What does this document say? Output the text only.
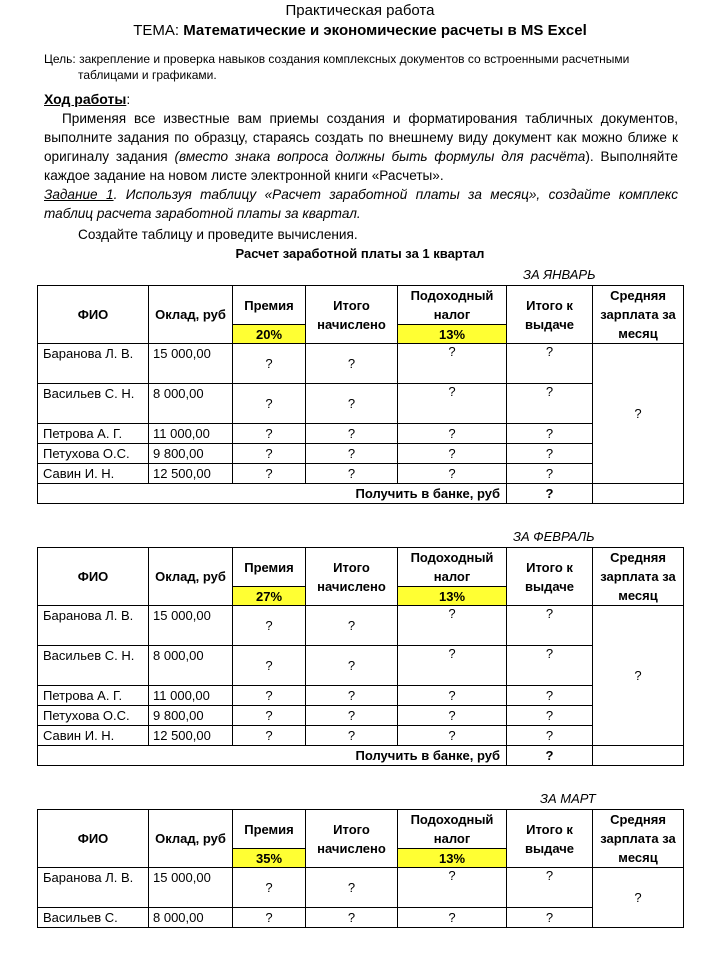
Практическая работа
ТЕМА: Математические и экономические расчеты в MS Excel
Цель: закрепление и проверка навыков создания комплексных документов со встроенными расчетными
таблицами и графиками.
Ход работы:
Применяя все известные вам приемы создания и форматирования табличных документов, выполните задания по образцу, стараясь создать по внешнему виду документ как можно ближе к оригиналу задания (вместо знака вопроса должны быть формулы для расчёта). Выполняйте каждое задание на новом листе электронной книги «Расчеты».
Задание 1. Используя таблицу «Расчет заработной платы за месяц», создайте комплекс таблиц расчета заработной платы за квартал.
Создайте таблицу и проведите вычисления.
Расчет заработной платы за 1 квартал
ЗА ЯНВАРЬ
ФИО	Оклад, руб	Премия	Итого начислено	Подоходный налог	Итого к выдаче	Средняя зарплата за месяц
		20%		13%		
Баранова Л. В.	15 000,00	?	?	?	?	?
Васильев С. Н.	8 000,00	?	?	?	?	
Петрова А. Г.	11 000,00	?	?	?	?	
Петухова О.С.	9 800,00	?	?	?	?	
Савин И. Н.	12 500,00	?	?	?	?	
Получить в банке, руб					?	
ЗА ФЕВРАЛЬ
ФИО	Оклад, руб	Премия	Итого начислено	Подоходный налог	Итого к выдаче	Средняя зарплата за месяц
		27%		13%		
Баранова Л. В.	15 000,00	?	?	?	?	?
Васильев С. Н.	8 000,00	?	?	?	?	
Петрова А. Г.	11 000,00	?	?	?	?	
Петухова О.С.	9 800,00	?	?	?	?	
Савин И. Н.	12 500,00	?	?	?	?	
Получить в банке, руб					?	
ЗА МАРТ
ФИО	Оклад, руб	Премия	Итого начислено	Подоходный налог	Итого к выдаче	Средняя зарплата за месяц
		35%		13%		
Баранова Л. В.	15 000,00	?	?	?	?	?
Васильев С.	8 000,00	?	?	?	?	
